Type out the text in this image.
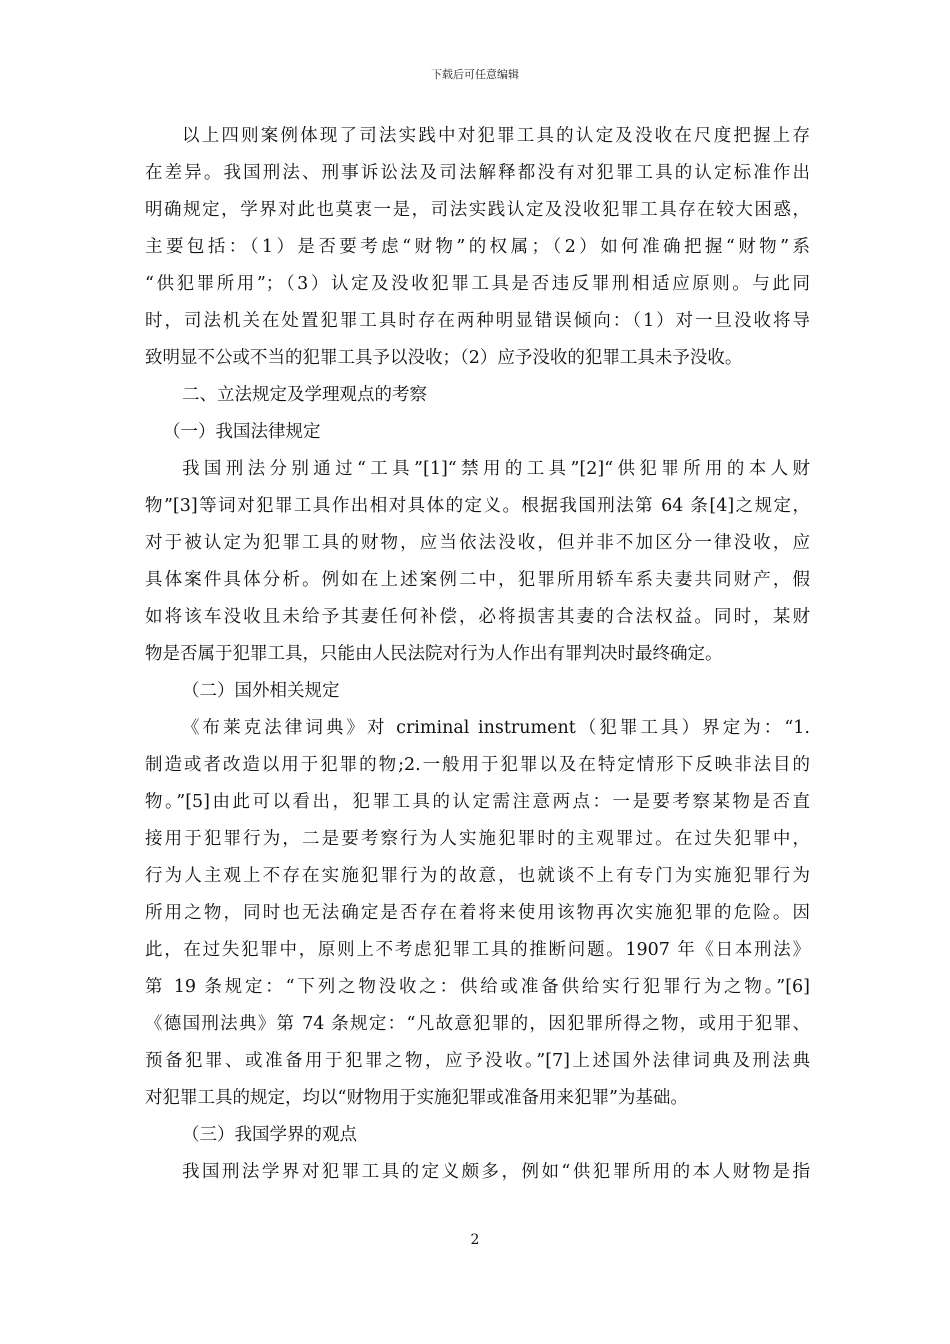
下载后可任意编辑
以上四则案例体现了司法实践中对犯罪工具的认定及没收在尺度把握上存
在差异。我国刑法、刑事诉讼法及司法解释都没有对犯罪工具的认定标准作出
明确规定，学界对此也莫衷一是，司法实践认定及没收犯罪工具存在较大困惑，
主要包括：（1）是否要考虑“财物”的权属；（2）如何准确把握“财物”系
“供犯罪所用”；（3）认定及没收犯罪工具是否违反罪刑相适应原则。与此同
时，司法机关在处置犯罪工具时存在两种明显错误倾向：（1）对一旦没收将导
致明显不公或不当的犯罪工具予以没收；（2）应予没收的犯罪工具未予没收。
二、立法规定及学理观点的考察
（一）我国法律规定
我国刑法分别通过“工具”[1]“禁用的工具”[2]“供犯罪所用的本人财
物”[3]等词对犯罪工具作出相对具体的定义。根据我国刑法第 64 条[4]之规定，
对于被认定为犯罪工具的财物，应当依法没收，但并非不加区分一律没收，应
具体案件具体分析。例如在上述案例二中，犯罪所用轿车系夫妻共同财产，假
如将该车没收且未给予其妻任何补偿，必将损害其妻的合法权益。同时，某财
物是否属于犯罪工具，只能由人民法院对行为人作出有罪判决时最终确定。
（二）国外相关规定
《布莱克法律词典》对 criminal instrument（犯罪工具）界定为：“1.
制造或者改造以用于犯罪的物;2.一般用于犯罪以及在特定情形下反映非法目的
物。”[5]由此可以看出，犯罪工具的认定需注意两点：一是要考察某物是否直
接用于犯罪行为，二是要考察行为人实施犯罪时的主观罪过。在过失犯罪中，
行为人主观上不存在实施犯罪行为的故意，也就谈不上有专门为实施犯罪行为
所用之物，同时也无法确定是否存在着将来使用该物再次实施犯罪的危险。因
此，在过失犯罪中，原则上不考虑犯罪工具的推断问题。1907 年《日本刑法》
第 19 条规定：“下列之物没收之：供给或准备供给实行犯罪行为之物。”[6]
《德国刑法典》第 74 条规定：“凡故意犯罪的，因犯罪所得之物，或用于犯罪、
预备犯罪、或准备用于犯罪之物，应予没收。”[7]上述国外法律词典及刑法典
对犯罪工具的规定，均以“财物用于实施犯罪或准备用来犯罪”为基础。
（三）我国学界的观点
我国刑法学界对犯罪工具的定义颇多，例如“供犯罪所用的本人财物是指
2
